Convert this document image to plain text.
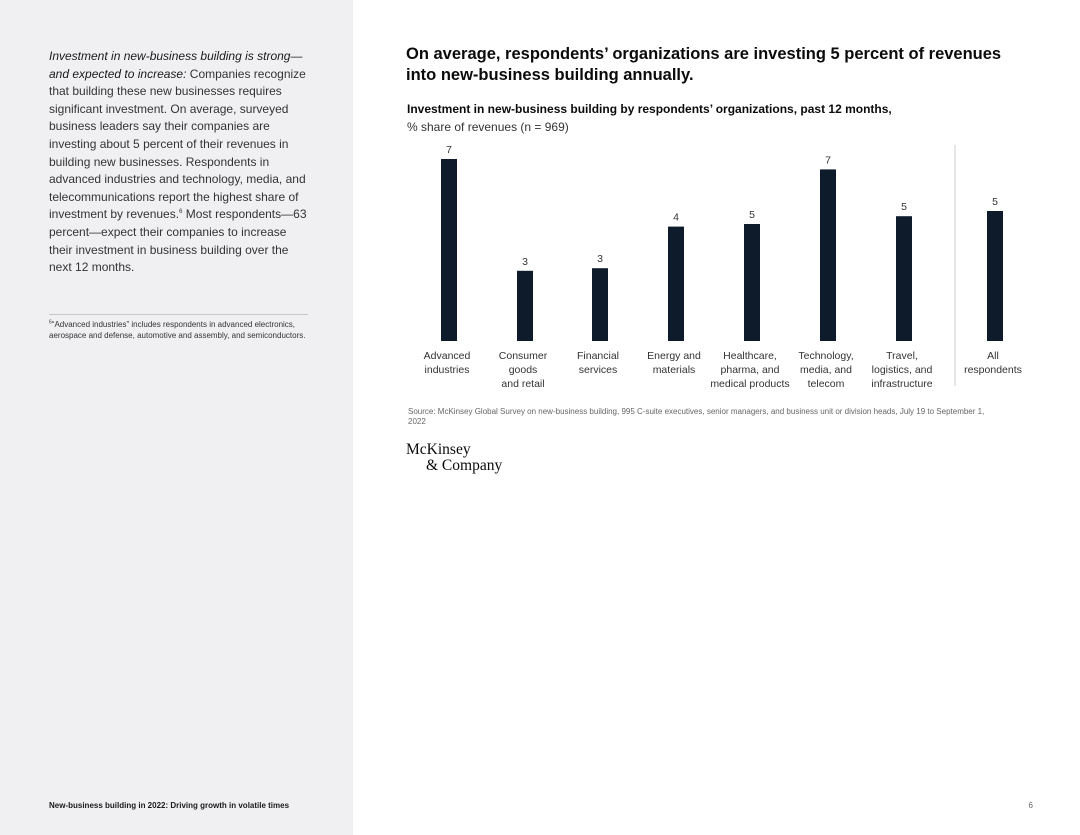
Investment in new-business building is strong—and expected to increase: Companies recognize that building these new businesses requires significant investment. On average, surveyed business leaders say their companies are investing about 5 percent of their revenues in building new businesses. Respondents in advanced industries and technology, media, and telecommunications report the highest share of investment by revenues.$^6$ Most respondents—63 percent—expect their companies to increase their investment in business building over the next 12 months.

$^6$“Advanced industries” includes respondents in advanced electronics, aerospace and defense, automotive and assembly, and semiconductors.

New-business building in 2022: Driving growth in volatile times
On average, respondents’ organizations are investing 5 percent of revenues into new-business building annually.
Investment in new-business building by respondents’ organizations, past 12 months,
% share of revenues (n = 969)
7
Advanced industries
3
Consumer goods and retail
3
Financial services
4
Energy and materials
5
Healthcare, pharma, and medical products
7
Technology, media, and telecom
5
Travel, logistics, and infrastructure
5
All respondents

Source: McKinsey Global Survey on new-business building, 995 C-suite executives, senior managers, and business unit or division heads, July 19 to September 1, 2022

McKinsey
& Company
6
